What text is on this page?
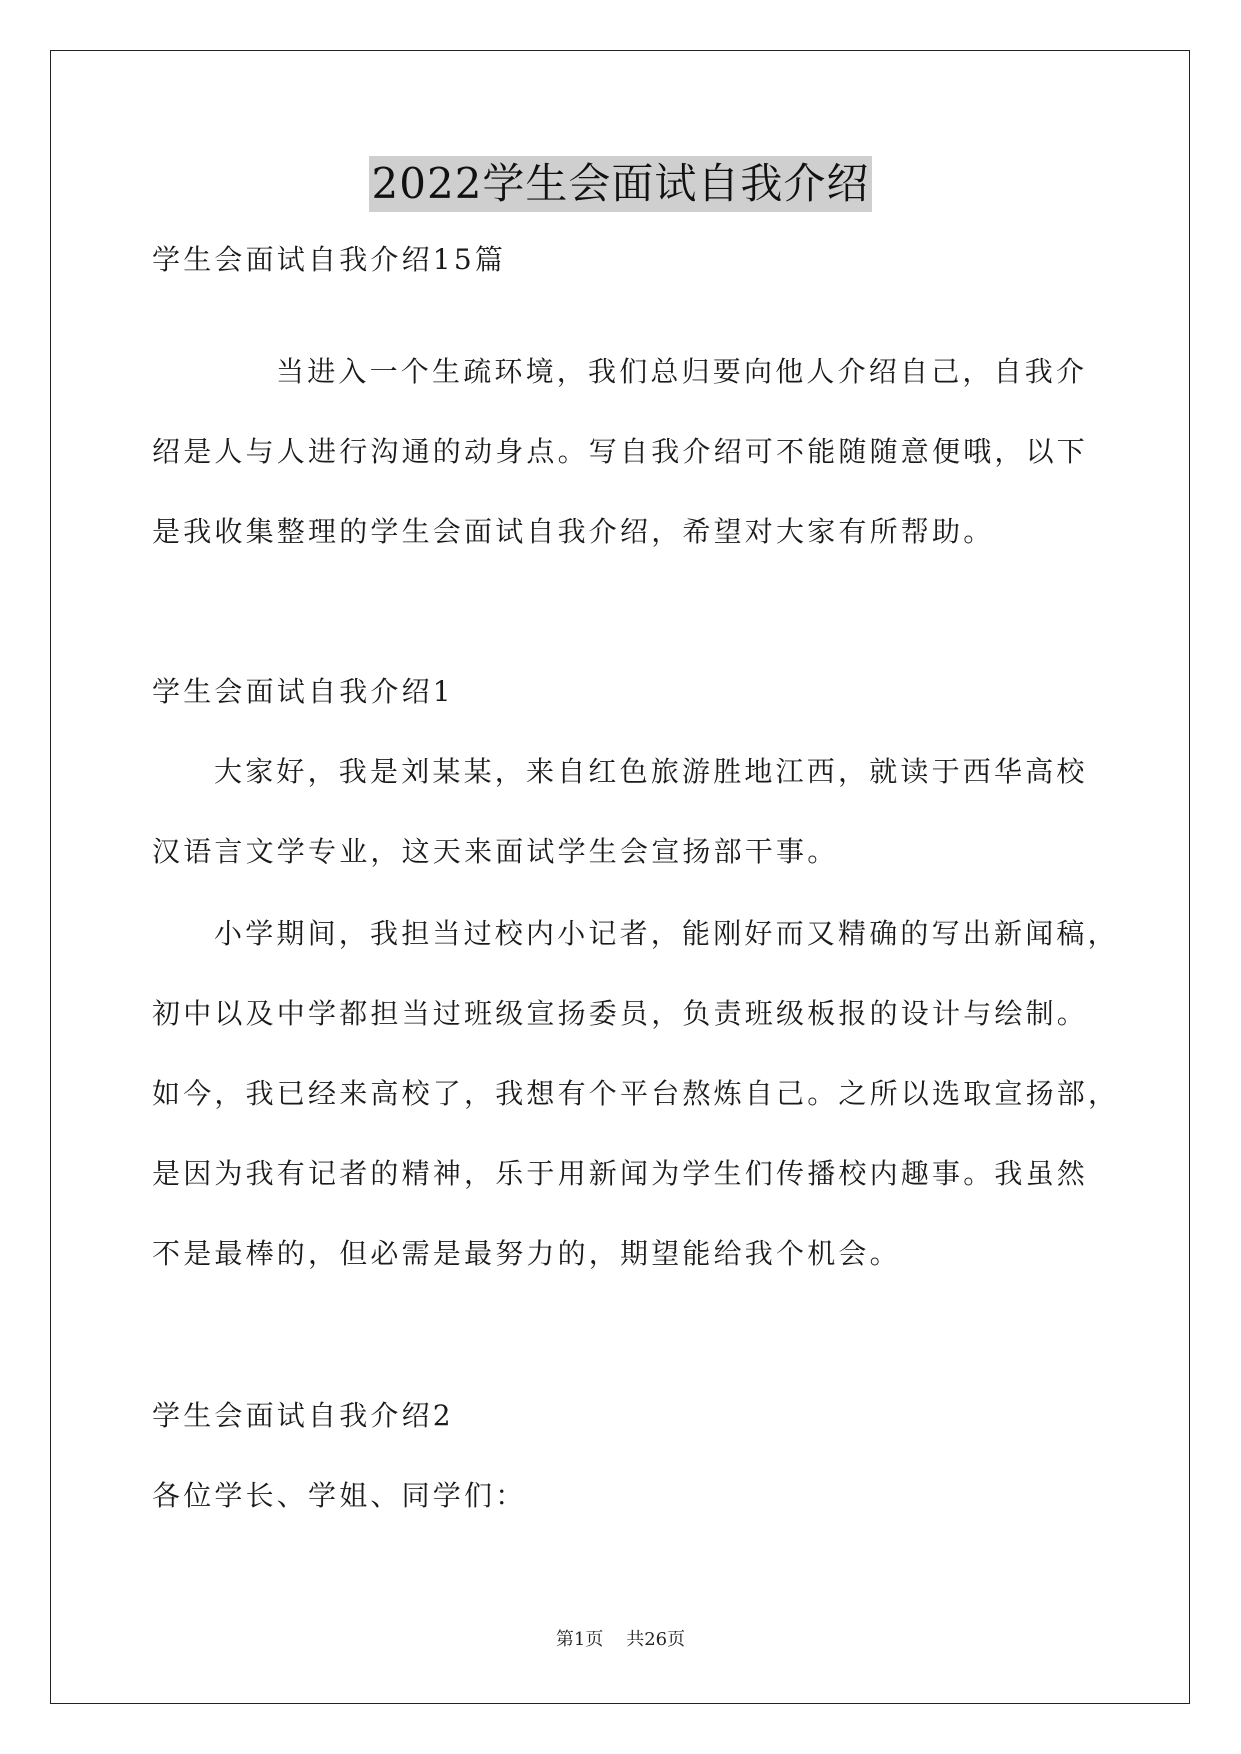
2022学生会面试自我介绍
学生会面试自我介绍15篇
当进入一个生疏环境，我们总归要向他人介绍自己，自我介
绍是人与人进行沟通的动身点。写自我介绍可不能随随意便哦，以下
是我收集整理的学生会面试自我介绍，希望对大家有所帮助。
学生会面试自我介绍1
大家好，我是刘某某，来自红色旅游胜地江西，就读于西华高校
汉语言文学专业，这天来面试学生会宣扬部干事。
小学期间，我担当过校内小记者，能刚好而又精确的写出新闻稿，
初中以及中学都担当过班级宣扬委员，负责班级板报的设计与绘制。
如今，我已经来高校了，我想有个平台熬炼自己。之所以选取宣扬部，
是因为我有记者的精神，乐于用新闻为学生们传播校内趣事。我虽然
不是最棒的，但必需是最努力的，期望能给我个机会。
学生会面试自我介绍2
各位学长、学姐、同学们：
第1页 共26页
